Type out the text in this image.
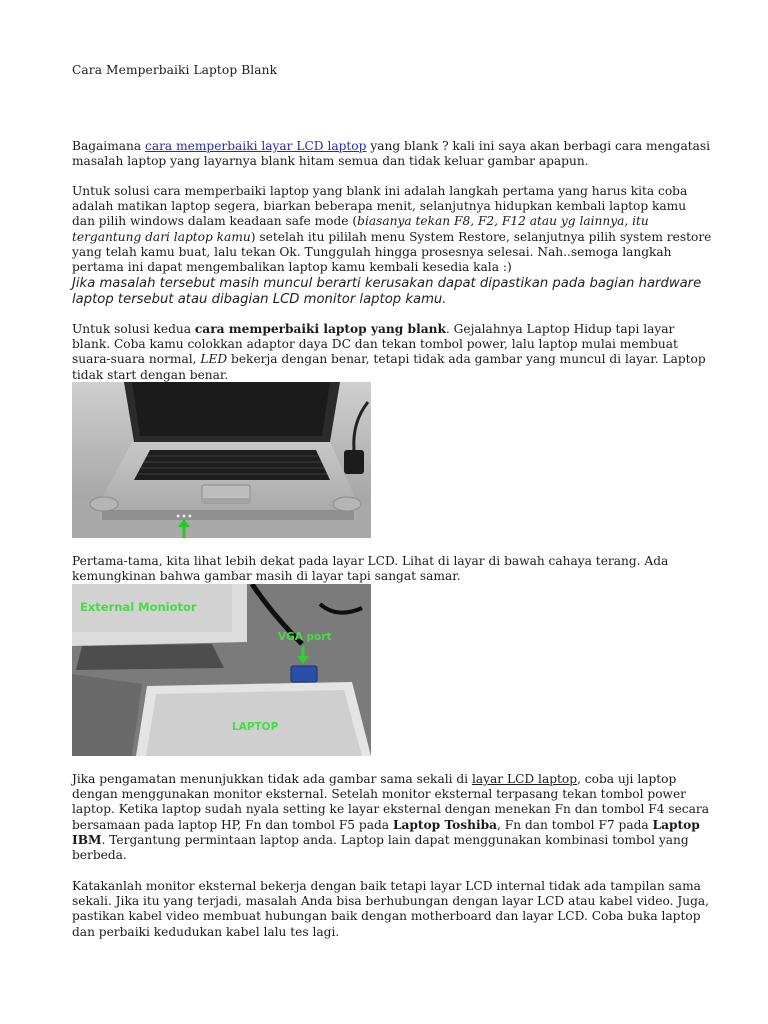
Cara Memperbaiki Laptop Blank

Bagaimana cara memperbaiki layar LCD laptop yang blank ? kali ini saya akan berbagi cara mengatasi masalah laptop yang layarnya blank hitam semua dan tidak keluar gambar apapun.

Untuk solusi cara memperbaiki laptop yang blank ini adalah langkah pertama yang harus kita coba adalah matikan laptop segera, biarkan beberapa menit, selanjutnya hidupkan kembali laptop kamu dan pilih windows dalam keadaan safe mode (biasanya tekan F8, F2, F12 atau yg lainnya, itu tergantung dari laptop kamu) setelah itu pililah menu System Restore, selanjutnya pilih system restore yang telah kamu buat, lalu tekan Ok. Tunggulah hingga prosesnya selesai. Nah..semoga langkah pertama ini dapat mengembalikan laptop kamu kembali kesedia kala :)

Jika masalah tersebut masih muncul berarti kerusakan dapat dipastikan pada bagian hardware laptop tersebut atau dibagian LCD monitor laptop kamu.

Untuk solusi kedua cara memperbaiki laptop yang blank. Gejalahnya Laptop Hidup tapi layar blank. Coba kamu colokkan adaptor daya DC dan tekan tombol power, lalu laptop mulai membuat suara-suara normal, LED bekerja dengan benar, tetapi tidak ada gambar yang muncul di layar. Laptop tidak start dengan benar.

Pertama-tama, kita lihat lebih dekat pada layar LCD. Lihat di layar di bawah cahaya terang. Ada kemungkinan bahwa gambar masih di layar tapi sangat samar.

Jika pengamatan menunjukkan tidak ada gambar sama sekali di layar LCD laptop, coba uji laptop dengan menggunakan monitor eksternal. Setelah monitor eksternal terpasang tekan tombol power laptop. Ketika laptop sudah nyala setting ke layar eksternal dengan menekan Fn dan tombol F4 secara bersamaan pada laptop HP, Fn dan tombol F5 pada Laptop Toshiba, Fn dan tombol F7 pada Laptop IBM. Tergantung permintaan laptop anda. Laptop lain dapat menggunakan kombinasi tombol yang berbeda.

Katakanlah monitor eksternal bekerja dengan baik tetapi layar LCD internal tidak ada tampilan sama sekali. Jika itu yang terjadi, masalah Anda bisa berhubungan dengan layar LCD atau kabel video. Juga, pastikan kabel video membuat hubungan baik dengan motherboard dan layar LCD. Coba buka laptop dan perbaiki kedudukan kabel lalu tes lagi.

External Moniotor
VGA port
LAPTOP
